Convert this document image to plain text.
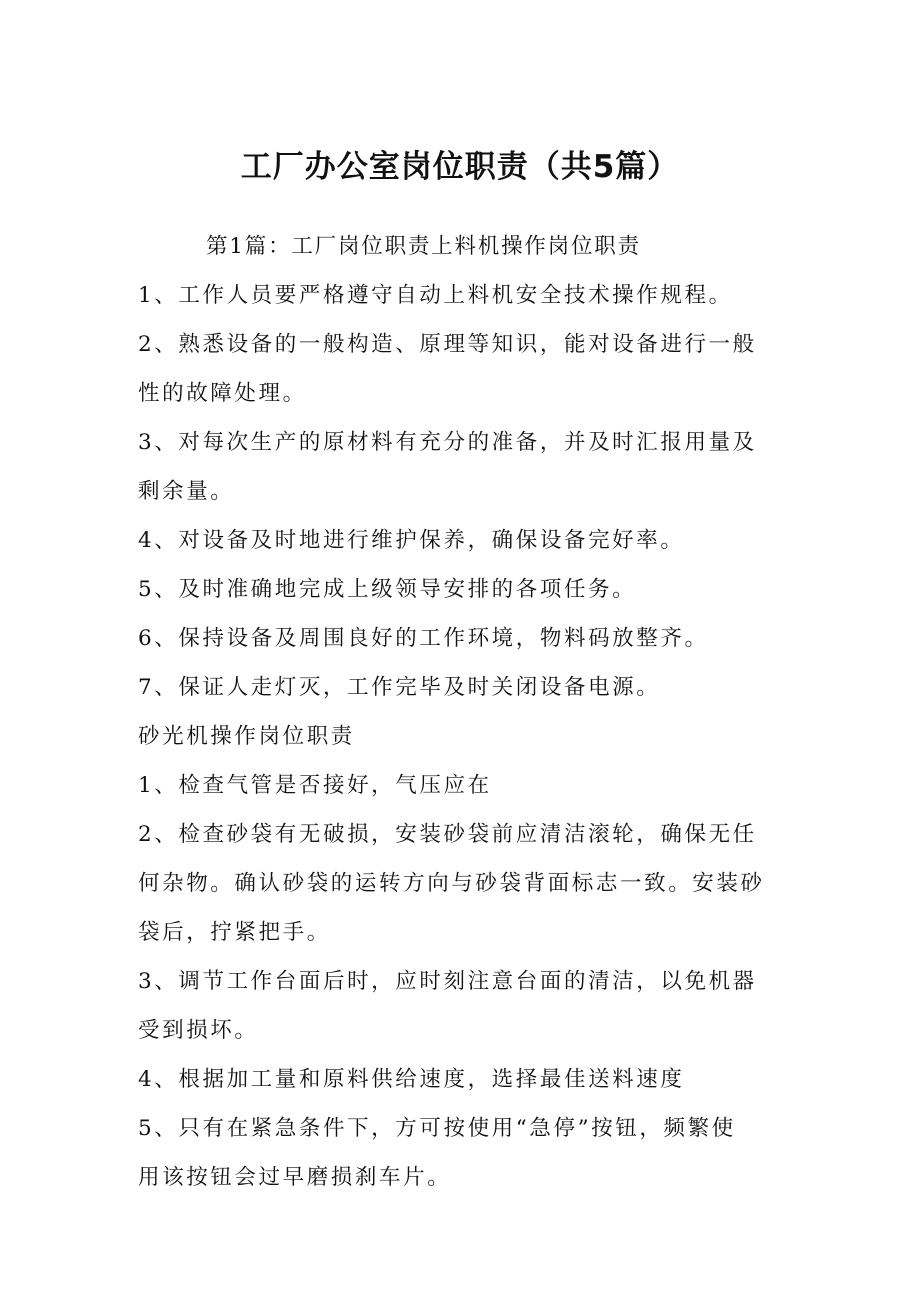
工厂办公室岗位职责（共5篇）

第1篇：工厂岗位职责上料机操作岗位职责

1、工作人员要严格遵守自动上料机安全技术操作规程。

2、熟悉设备的一般构造、原理等知识，能对设备进行一般

性的故障处理。

3、对每次生产的原材料有充分的准备，并及时汇报用量及

剩余量。

4、对设备及时地进行维护保养，确保设备完好率。

5、及时准确地完成上级领导安排的各项任务。

6、保持设备及周围良好的工作环境，物料码放整齐。

7、保证人走灯灭，工作完毕及时关闭设备电源。

砂光机操作岗位职责

1、检查气管是否接好，气压应在

2、检查砂袋有无破损，安装砂袋前应清洁滚轮，确保无任

何杂物。确认砂袋的运转方向与砂袋背面标志一致。安装砂

袋后，拧紧把手。

3、调节工作台面后时，应时刻注意台面的清洁，以免机器

受到损坏。

4、根据加工量和原料供给速度，选择最佳送料速度

5、只有在紧急条件下，方可按使用“急停”按钮，频繁使

用该按钮会过早磨损刹车片。
